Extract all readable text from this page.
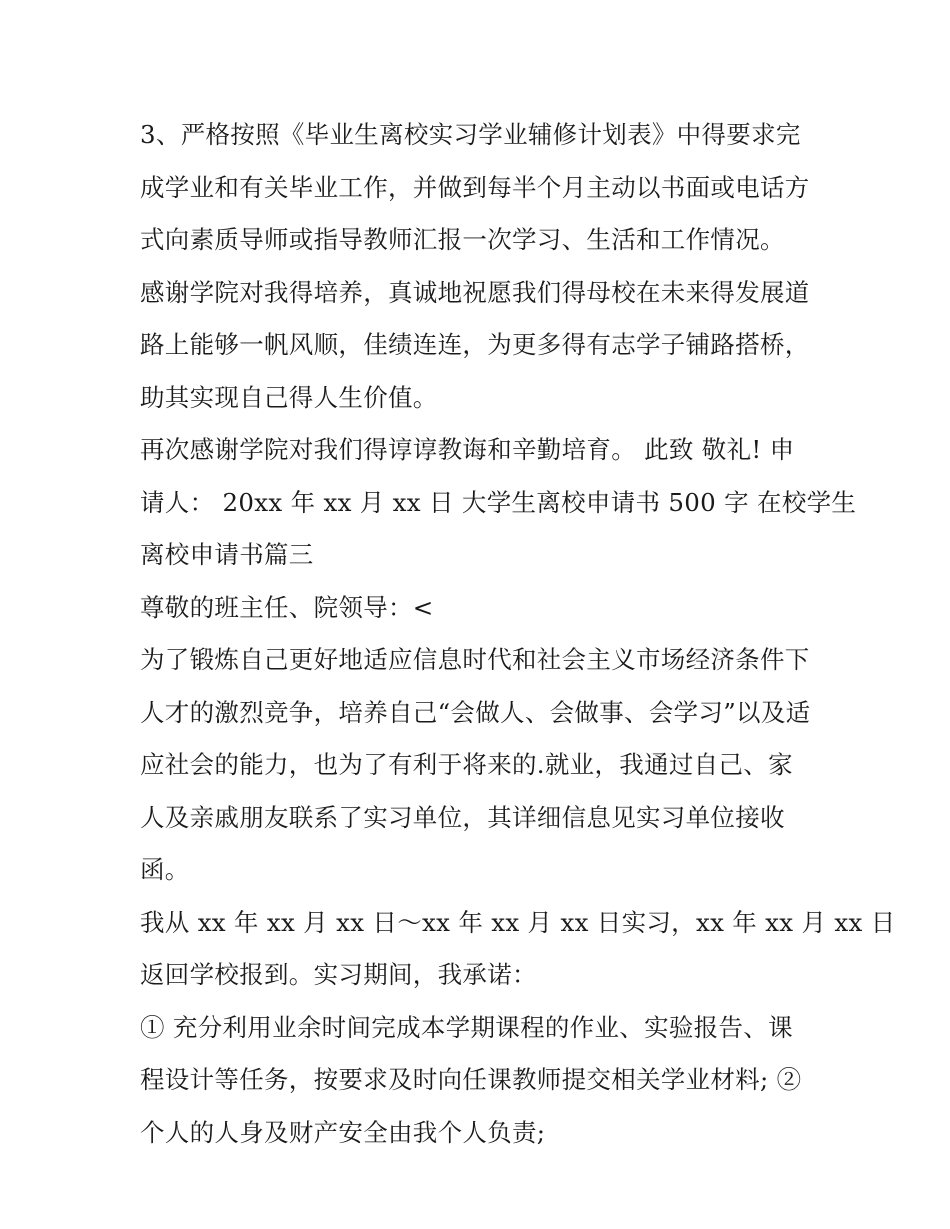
3、严格按照《毕业生离校实习学业辅修计划表》中得要求完
成学业和有关毕业工作，并做到每半个月主动以书面或电话方
式向素质导师或指导教师汇报一次学习、生活和工作情况。

感谢学院对我得培养，真诚地祝愿我们得母校在未来得发展道
路上能够一帆风顺，佳绩连连，为更多得有志学子铺路搭桥，
助其实现自己得人生价值。

再次感谢学院对我们得谆谆教诲和辛勤培育。 此致 敬礼! 申
请人： 20xx 年 xx 月 xx 日 大学生离校申请书 500 字 在校学生
离校申请书篇三

尊敬的班主任、院领导：<

为了锻炼自己更好地适应信息时代和社会主义市场经济条件下
人才的激烈竞争，培养自己“会做人、会做事、会学习”以及适
应社会的能力，也为了有利于将来的.就业，我通过自己、家
人及亲戚朋友联系了实习单位，其详细信息见实习单位接收
函。

我从 xx 年 xx 月 xx 日～xx 年 xx 月 xx 日实习，xx 年 xx 月 xx 日
返回学校报到。实习期间，我承诺：

① 充分利用业余时间完成本学期课程的作业、实验报告、课
程设计等任务，按要求及时向任课教师提交相关学业材料; ②
个人的人身及财产安全由我个人负责;
